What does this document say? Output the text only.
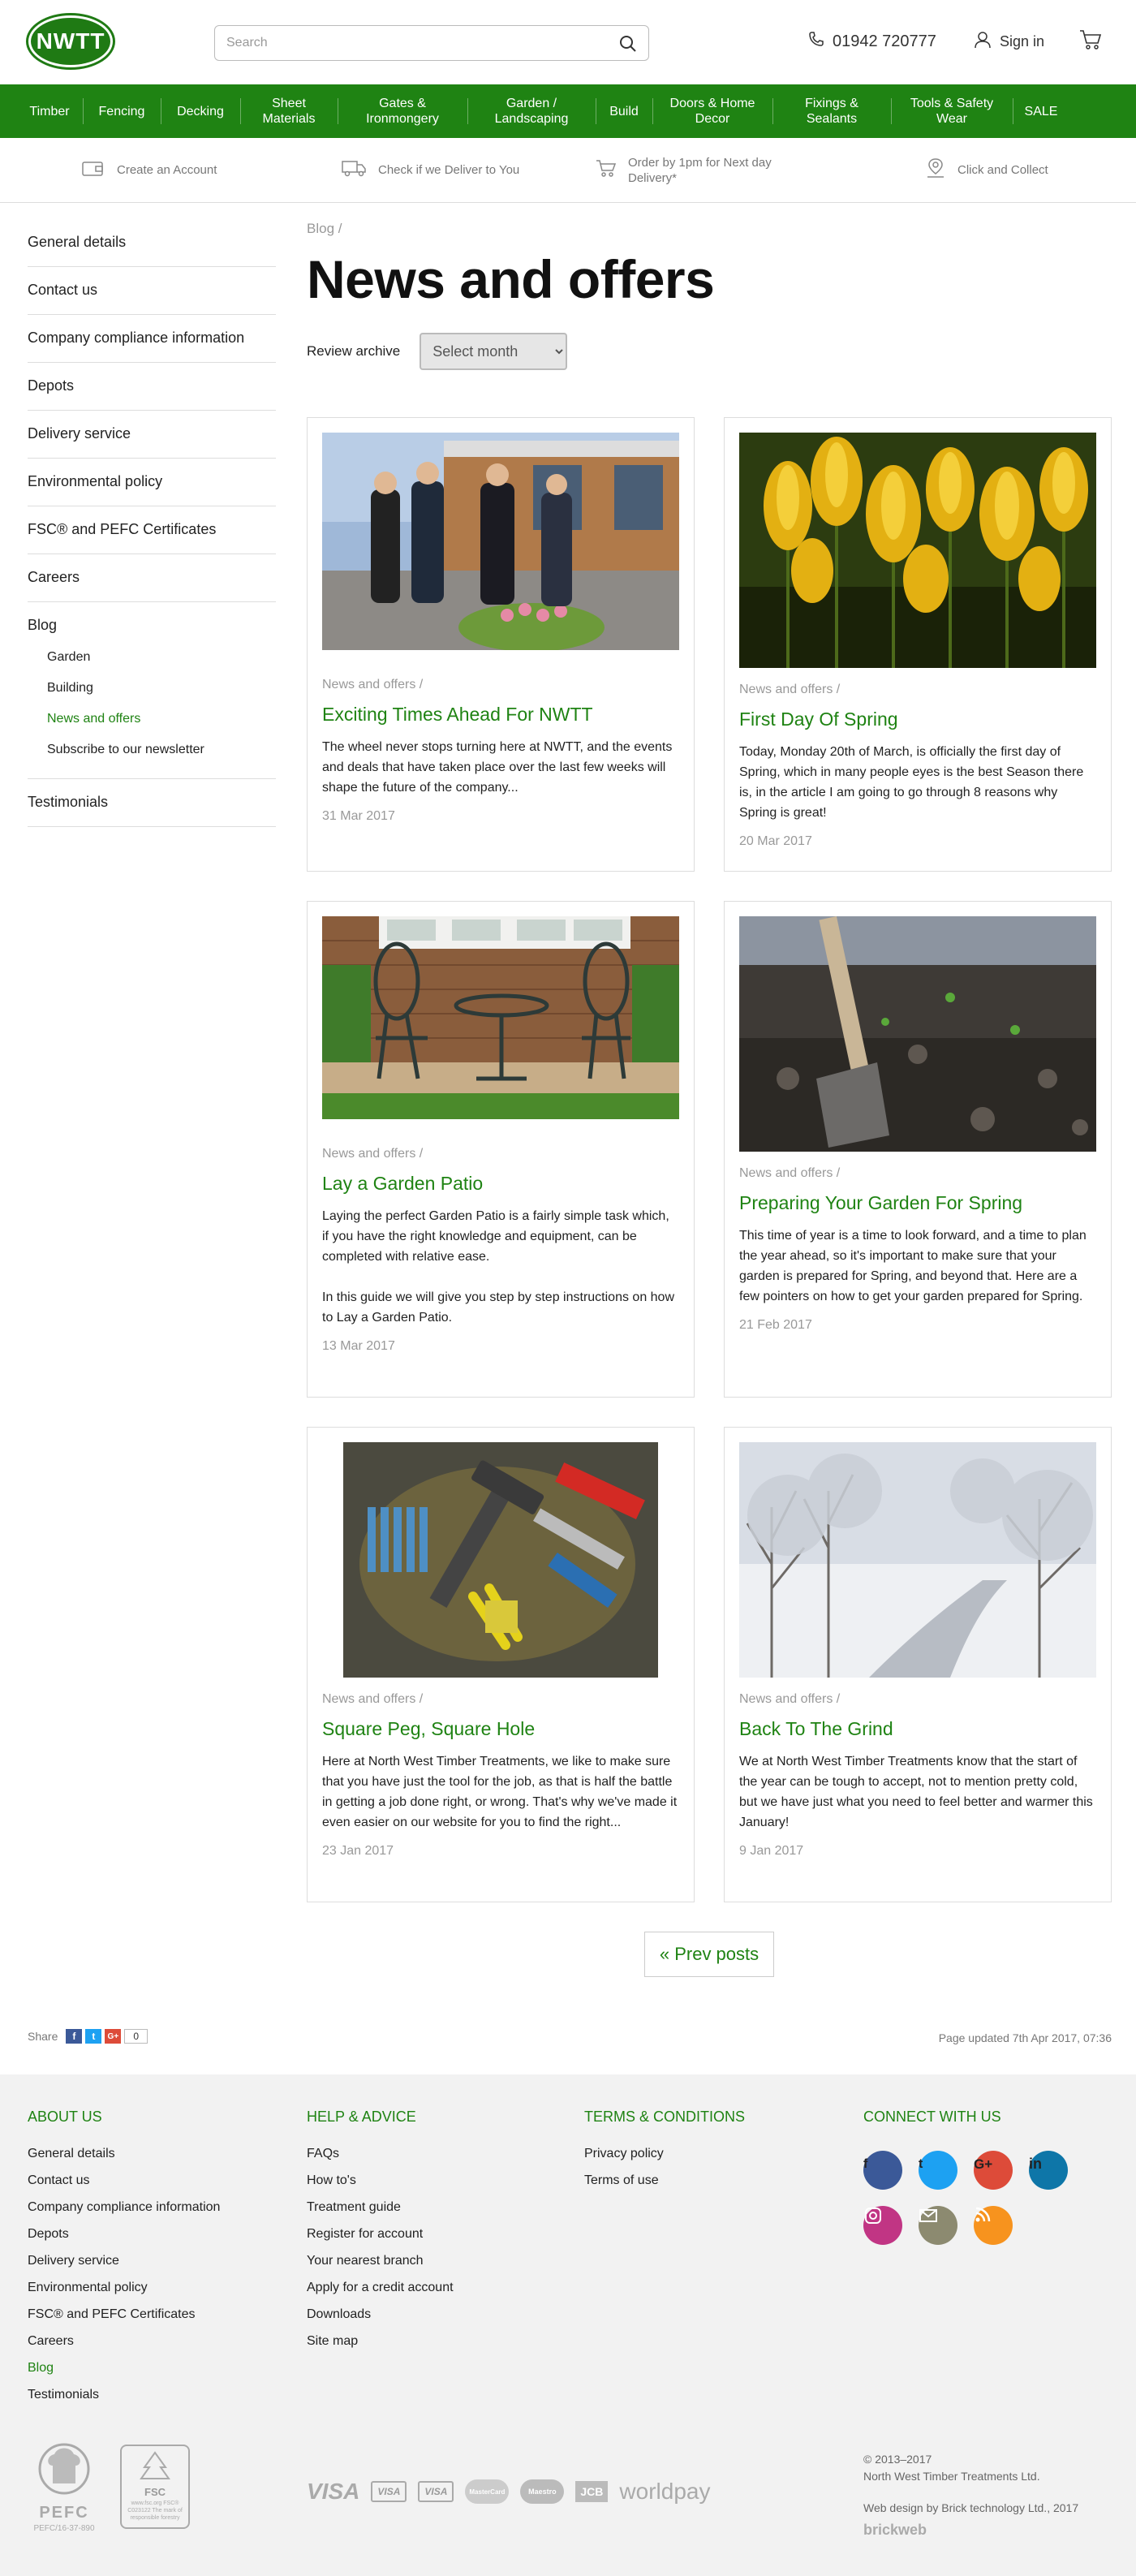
NWTT
Search	01942 720777	Sign in
Timber	Fencing	Decking
Sheet Materials
Gates & Ironmongery
Garden / Landscaping
Build
Doors & Home Decor
Fixings & Sealants
Tools & Safety Wear
SALE
Create an Account	Check if we Deliver to You
Order by 1pm for Next day Delivery*
Click and Collect
General details
Contact us
Company compliance information
Depots
Delivery service
Environmental policy
FSC® and PEFC Certificates
Careers
Blog
Garden
Building
News and offers
Subscribe to our newsletter
Testimonials
Blog /
News and offers
Review archive
Select month
News and offers /
Exciting Times Ahead For NWTT
The wheel never stops turning here at NWTT, and the events and deals that have taken place over the last few weeks will shape the future of the company...
31 Mar 2017
News and offers /
First Day Of Spring
Today, Monday 20th of March, is officially the first day of Spring, which in many people eyes is the best Season there is, in the article I am going to go through 8 reasons why Spring is great!
20 Mar 2017
News and offers /
Lay a Garden Patio
Laying the perfect Garden Patio is a fairly simple task which, if you have the right knowledge and equipment, can be completed with relative ease.

In this guide we will give you step by step instructions on how to Lay a Garden Patio.
13 Mar 2017
News and offers /
Preparing Your Garden For Spring
This time of year is a time to look forward, and a time to plan the year ahead, so it's important to make sure that your garden is prepared for Spring, and beyond that. Here are a few pointers on how to get your garden prepared for Spring.
21 Feb 2017
News and offers /
Square Peg, Square Hole
Here at North West Timber Treatments, we like to make sure that you have just the tool for the job, as that is half the battle in getting a job done right, or wrong. That's why we've made it even easier on our website for you to find the right...
23 Jan 2017
News and offers /
Back To The Grind
We at North West Timber Treatments know that the start of the year can be tough to accept, not to mention pretty cold, but we have just what you need to feel better and warmer this January!
9 Jan 2017
« Prev posts
Share	f	t	G+	0	Page updated 7th Apr 2017, 07:36
ABOUT US
General details
Contact us
Company compliance information
Depots
Delivery service
Environmental policy
FSC® and PEFC Certificates
Careers
Blog
Testimonials
HELP & ADVICE
FAQs
How to's
Treatment guide
Register for account
Your nearest branch
Apply for a credit account
Downloads
Site map
TERMS & CONDITIONS
Privacy policy
Terms of use
CONNECT WITH US
f	t	G+	in
PEFC
PEFC/16-37-890
FSC
www.fsc.org FSC® C023122 The mark of responsible forestry
VISA	VISA	VISA	MasterCard	Maestro	JCB worldpay
© 2013–2017
North West Timber Treatments Ltd.
Web design by Brick technology Ltd., 2017
brickweb
